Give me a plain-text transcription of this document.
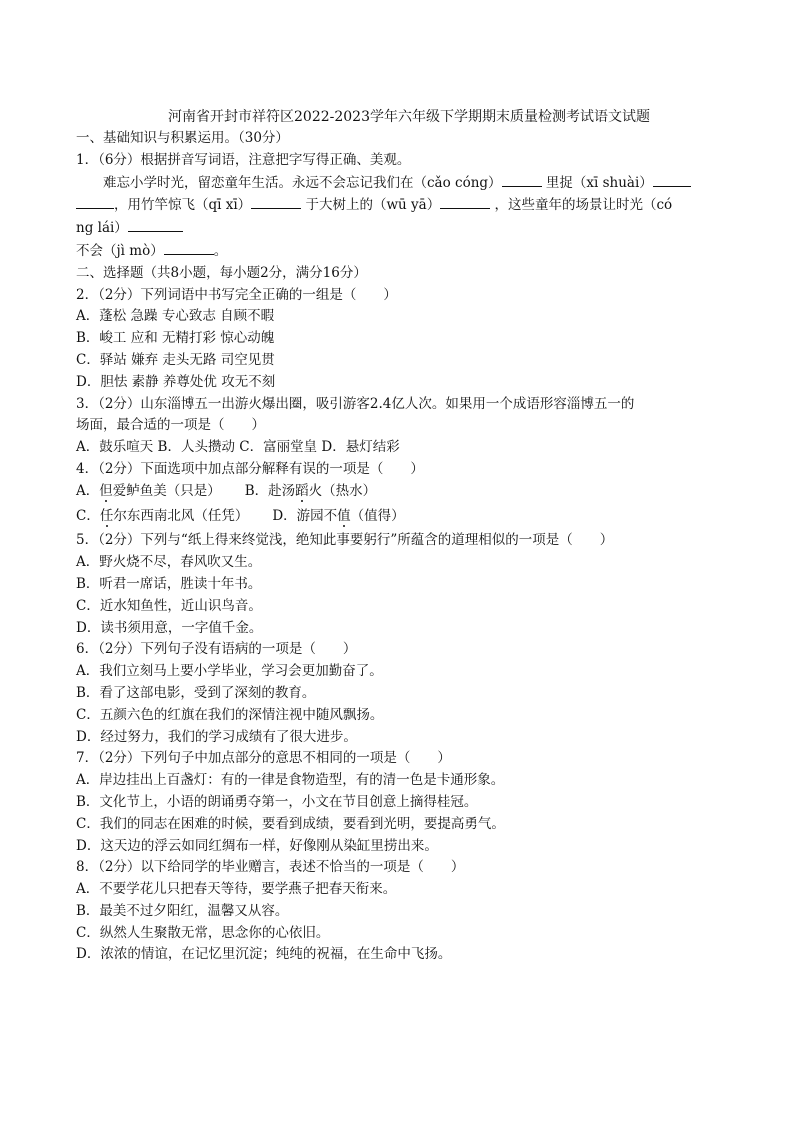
河南省开封市祥符区2022-2023学年六年级下学期期末质量检测考试语文试题
一、基础知识与积累运用。（30分）
1．（6分）根据拼音写词语，注意把字写得正确、美观。
难忘小学时光，留恋童年生活。永远不会忘记我们在（cǎo cóng）	里捉（xī shuài）
，用竹竿惊飞（qī xī）	于大树上的（wū yā）	，这些童年的场景让时光（có
ng lái）
不会（jì mò）	。
二、选择题（共8小题，每小题2分，满分16分）
2．（2分）下列词语中书写完全正确的一组是（　　）
A．蓬松 急躁 专心致志 自顾不暇
B．峻工 应和 无精打彩 惊心动魄
C．驿站 嫌弃 走头无路 司空见贯
D．胆怯 素静 养尊处优 攻无不刻
3．（2分）山东淄博五一出游火爆出圈，吸引游客2.4亿人次。如果用一个成语形容淄博五一的
场面，最合适的一项是（　　）
A．鼓乐喧天 B．人头攒动 C．富丽堂皇 D．悬灯结彩
4．（2分）下面选项中加点部分解释有误的一项是（　　）
A．但爱鲈鱼美（只是） B．赴汤蹈火（热水）
C．任尔东西南北风（任凭） D．游园不值（值得）
5．（2分）下列与“纸上得来终觉浅，绝知此事要躬行”所蕴含的道理相似的一项是（　　）
A．野火烧不尽，春风吹又生。
B．听君一席话，胜读十年书。
C．近水知鱼性，近山识鸟音。
D．读书须用意，一字值千金。
6．（2分）下列句子没有语病的一项是（　　）
A．我们立刻马上要小学毕业，学习会更加勤奋了。
B．看了这部电影，受到了深刻的教育。
C．五颜六色的红旗在我们的深情注视中随风飘扬。
D．经过努力，我们的学习成绩有了很大进步。
7．（2分）下列句子中加点部分的意思不相同的一项是（　　）
A．岸边挂出上百盏灯：有的一律是食物造型，有的清一色是卡通形象。
B．文化节上，小语的朗诵勇夺第一，小文在节目创意上摘得桂冠。
C．我们的同志在困难的时候，要看到成绩，要看到光明，要提高勇气。
D．这天边的浮云如同红绸布一样，好像刚从染缸里捞出来。
8．（2分）以下给同学的毕业赠言，表述不恰当的一项是（　　）
A．不要学花儿只把春天等待，要学燕子把春天衔来。
B．最美不过夕阳红，温馨又从容。
C．纵然人生聚散无常，思念你的心依旧。
D．浓浓的情谊，在记忆里沉淀；纯纯的祝福，在生命中飞扬。
